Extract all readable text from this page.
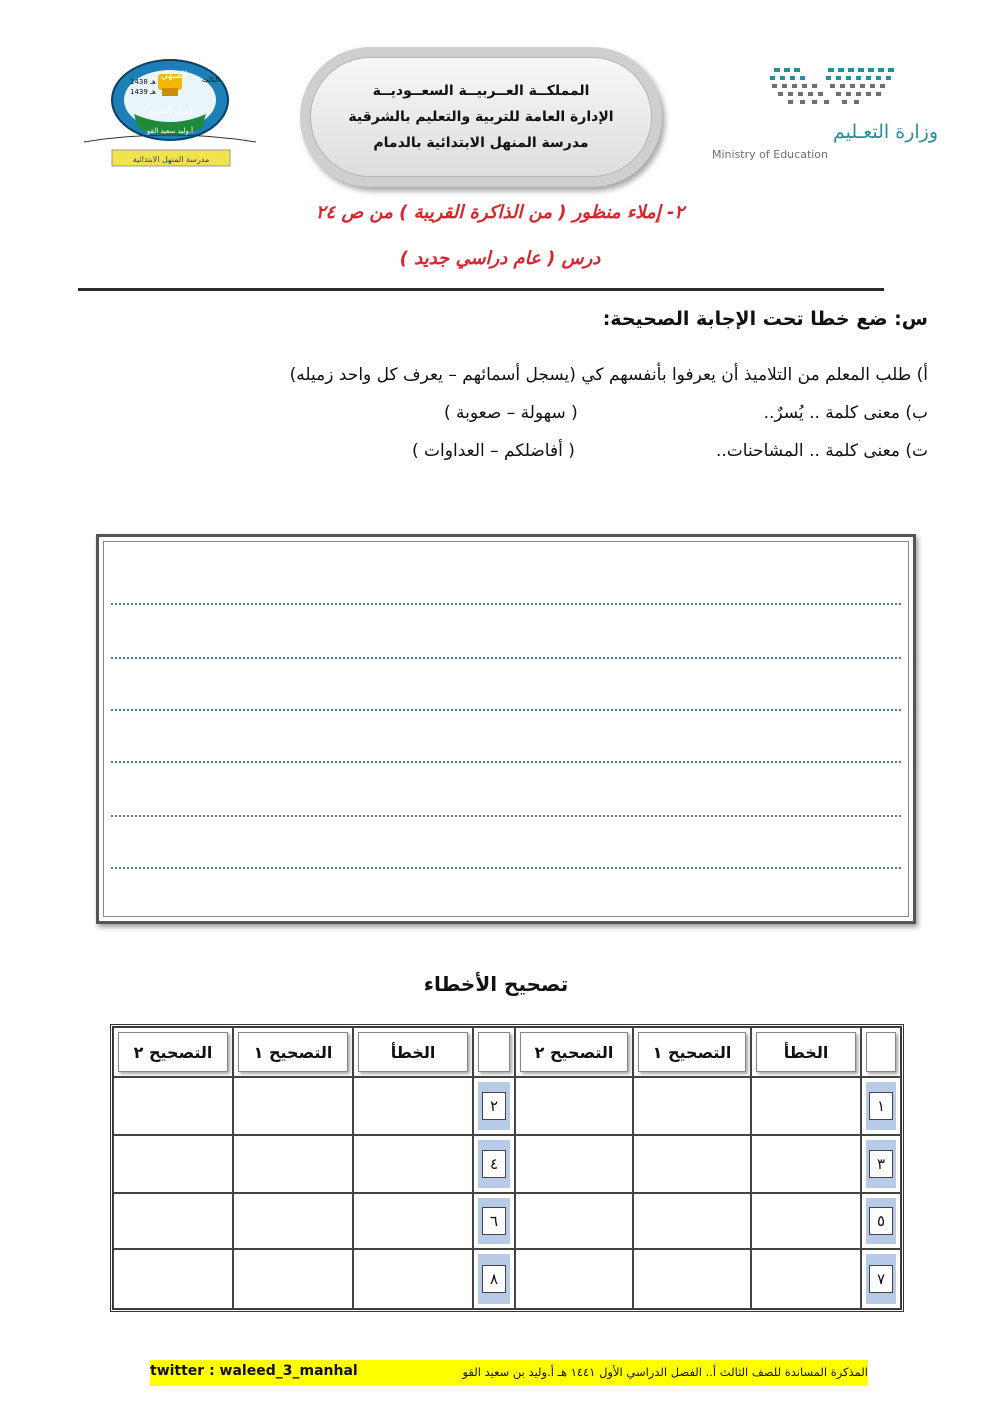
المنهل
فصل التحدي
أ.وليد سعيد القو
مدرسة المنهل الابتدائية
1438 هـ
1439 هـ
الثالث
المملكــة العــربيــة السعــوديــة
الإدارة العامة للتربية والتعليم بالشرقية
مدرسة المنهل الابتدائية بالدمام	وزارة التعـليم
Ministry of Education
٢- إملاء منظور ( من الذاكرة القريبة ) من ص ٢٤
درس ( عام دراسي جديد )
س: ضع خطا تحت الإجابة الصحيحة:
أ) طلب المعلم من التلاميذ أن يعرفوا بأنفسهم كي (يسجل أسمائهم – يعرف كل واحد زميله)
ب) معنى كلمة .. يُسرٌ..
( سهولة – صعوبة )
ت) معنى كلمة .. المشاحنات..
( أفاضلكم – العداوات )
تصحيح الأخطاء
الخطأ
التصحيح ١
التصحيح ٢
الخطأ
التصحيح ١
التصحيح ٢
١
٢
٣
٤
٥
٦
٧
٨
twitter : waleed_3_manhal	المذكرة المساندة للصف الثالث أ.. الفصل الدراسي الأول ١٤٤١ هـ أ.وليد بن سعيد القو
